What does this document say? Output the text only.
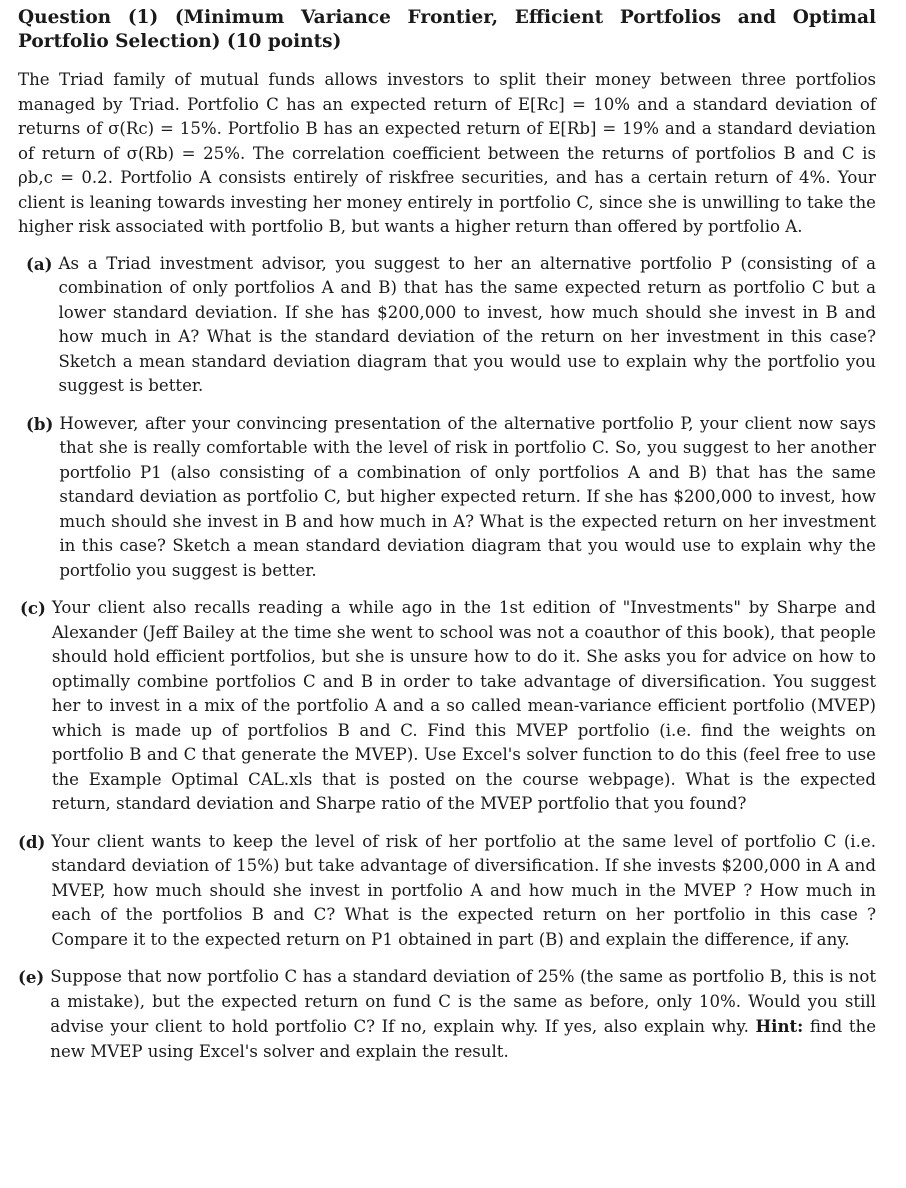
Question (1) (Minimum Variance Frontier, Efficient Portfolios and Optimal Portfolio Selection) (10 points)

The Triad family of mutual funds allows investors to split their money between three portfolios managed by Triad. Portfolio C has an expected return of E[Rc] = 10% and a standard deviation of returns of σ(Rc) = 15%. Portfolio B has an expected return of E[Rb] = 19% and a standard deviation of return of σ(Rb) = 25%. The correlation coefficient between the returns of portfolios B and C is ρb,c = 0.2. Portfolio A consists entirely of riskfree securities, and has a certain return of 4%. Your client is leaning towards investing her money entirely in portfolio C, since she is unwilling to take the higher risk associated with portfolio B, but wants a higher return than offered by portfolio A.

(a) As a Triad investment advisor, you suggest to her an alternative portfolio P (consisting of a combination of only portfolios A and B) that has the same expected return as portfolio C but a lower standard deviation. If she has $200,000 to invest, how much should she invest in B and how much in A? What is the standard deviation of the return on her investment in this case? Sketch a mean standard deviation diagram that you would use to explain why the portfolio you suggest is better.
(b) However, after your convincing presentation of the alternative portfolio P, your client now says that she is really comfortable with the level of risk in portfolio C. So, you suggest to her another portfolio P1 (also consisting of a combination of only portfolios A and B) that has the same standard deviation as portfolio C, but higher expected return. If she has $200,000 to invest, how much should she invest in B and how much in A? What is the expected return on her investment in this case? Sketch a mean standard deviation diagram that you would use to explain why the portfolio you suggest is better.
(c) Your client also recalls reading a while ago in the 1st edition of "Investments" by Sharpe and Alexander (Jeff Bailey at the time she went to school was not a coauthor of this book), that people should hold efficient portfolios, but she is unsure how to do it. She asks you for advice on how to optimally combine portfolios C and B in order to take advantage of diversification. You suggest her to invest in a mix of the portfolio A and a so called mean-variance efficient portfolio (MVEP) which is made up of portfolios B and C. Find this MVEP portfolio (i.e. find the weights on portfolio B and C that generate the MVEP). Use Excel's solver function to do this (feel free to use the Example Optimal CAL.xls that is posted on the course webpage). What is the expected return, standard deviation and Sharpe ratio of the MVEP portfolio that you found?
(d) Your client wants to keep the level of risk of her portfolio at the same level of portfolio C (i.e. standard deviation of 15%) but take advantage of diversification. If she invests $200,000 in A and MVEP, how much should she invest in portfolio A and how much in the MVEP ? How much in each of the portfolios B and C? What is the expected return on her portfolio in this case ? Compare it to the expected return on P1 obtained in part (B) and explain the difference, if any.
(e) Suppose that now portfolio C has a standard deviation of 25% (the same as portfolio B, this is not a mistake), but the expected return on fund C is the same as before, only 10%. Would you still advise your client to hold portfolio C? If no, explain why. If yes, also explain why. Hint: find the new MVEP using Excel's solver and explain the result.
